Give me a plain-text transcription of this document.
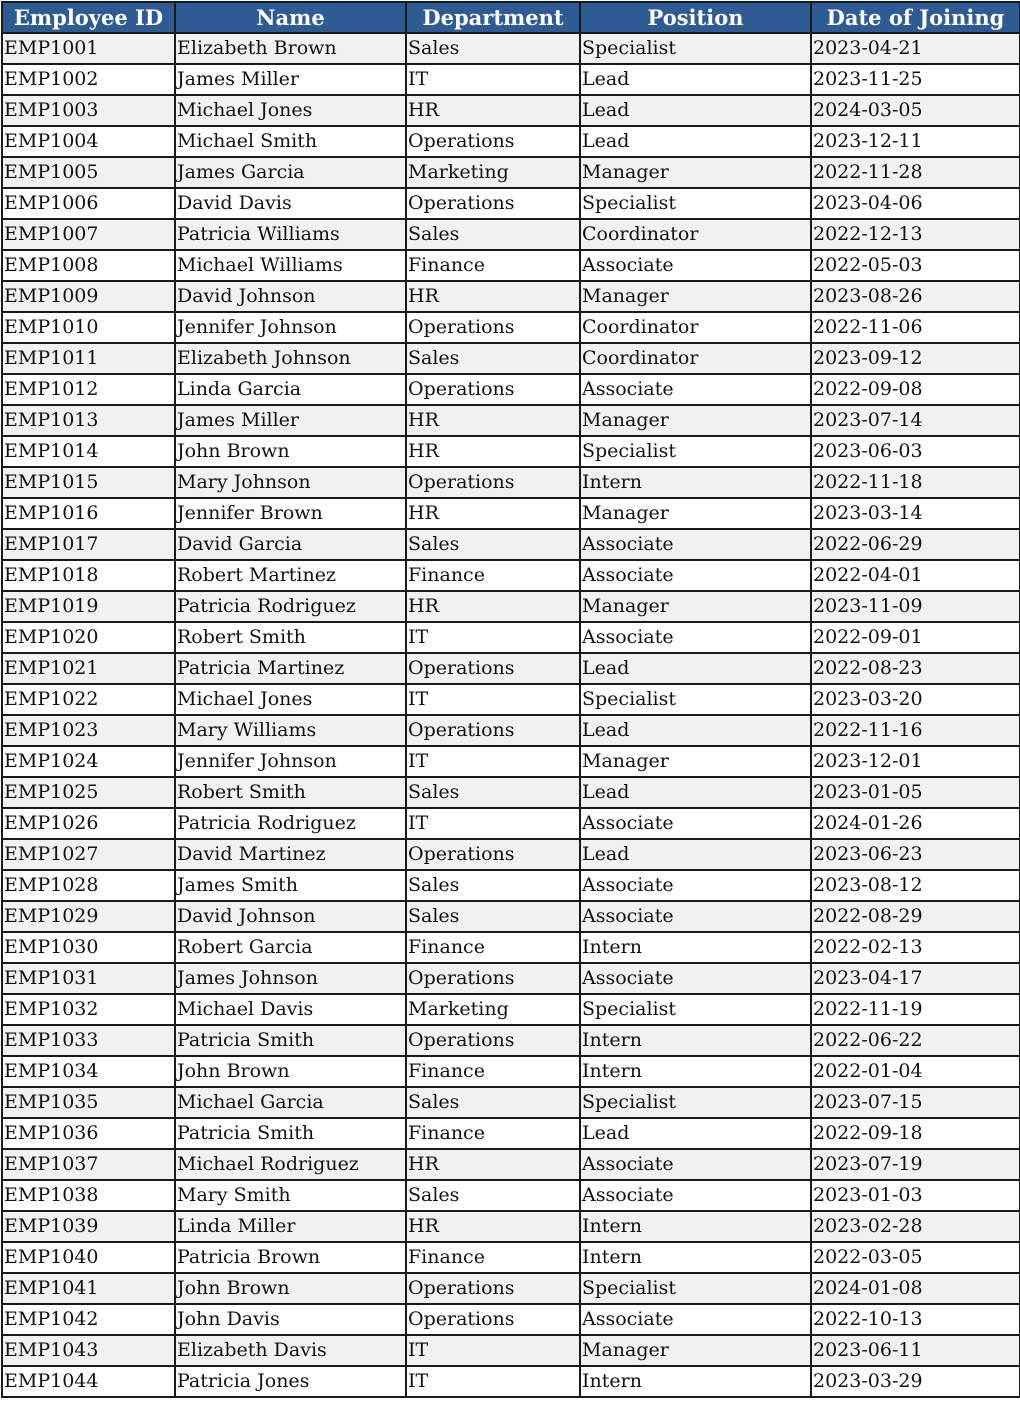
Employee ID	Name	Department	Position	Date of Joining
EMP1001	Elizabeth Brown	Sales	Specialist	2023-04-21
EMP1002	James Miller	IT	Lead	2023-11-25
EMP1003	Michael Jones	HR	Lead	2024-03-05
EMP1004	Michael Smith	Operations	Lead	2023-12-11
EMP1005	James Garcia	Marketing	Manager	2022-11-28
EMP1006	David Davis	Operations	Specialist	2023-04-06
EMP1007	Patricia Williams	Sales	Coordinator	2022-12-13
EMP1008	Michael Williams	Finance	Associate	2022-05-03
EMP1009	David Johnson	HR	Manager	2023-08-26
EMP1010	Jennifer Johnson	Operations	Coordinator	2022-11-06
EMP1011	Elizabeth Johnson	Sales	Coordinator	2023-09-12
EMP1012	Linda Garcia	Operations	Associate	2022-09-08
EMP1013	James Miller	HR	Manager	2023-07-14
EMP1014	John Brown	HR	Specialist	2023-06-03
EMP1015	Mary Johnson	Operations	Intern	2022-11-18
EMP1016	Jennifer Brown	HR	Manager	2023-03-14
EMP1017	David Garcia	Sales	Associate	2022-06-29
EMP1018	Robert Martinez	Finance	Associate	2022-04-01
EMP1019	Patricia Rodriguez	HR	Manager	2023-11-09
EMP1020	Robert Smith	IT	Associate	2022-09-01
EMP1021	Patricia Martinez	Operations	Lead	2022-08-23
EMP1022	Michael Jones	IT	Specialist	2023-03-20
EMP1023	Mary Williams	Operations	Lead	2022-11-16
EMP1024	Jennifer Johnson	IT	Manager	2023-12-01
EMP1025	Robert Smith	Sales	Lead	2023-01-05
EMP1026	Patricia Rodriguez	IT	Associate	2024-01-26
EMP1027	David Martinez	Operations	Lead	2023-06-23
EMP1028	James Smith	Sales	Associate	2023-08-12
EMP1029	David Johnson	Sales	Associate	2022-08-29
EMP1030	Robert Garcia	Finance	Intern	2022-02-13
EMP1031	James Johnson	Operations	Associate	2023-04-17
EMP1032	Michael Davis	Marketing	Specialist	2022-11-19
EMP1033	Patricia Smith	Operations	Intern	2022-06-22
EMP1034	John Brown	Finance	Intern	2022-01-04
EMP1035	Michael Garcia	Sales	Specialist	2023-07-15
EMP1036	Patricia Smith	Finance	Lead	2022-09-18
EMP1037	Michael Rodriguez	HR	Associate	2023-07-19
EMP1038	Mary Smith	Sales	Associate	2023-01-03
EMP1039	Linda Miller	HR	Intern	2023-02-28
EMP1040	Patricia Brown	Finance	Intern	2022-03-05
EMP1041	John Brown	Operations	Specialist	2024-01-08
EMP1042	John Davis	Operations	Associate	2022-10-13
EMP1043	Elizabeth Davis	IT	Manager	2023-06-11
EMP1044	Patricia Jones	IT	Intern	2023-03-29
